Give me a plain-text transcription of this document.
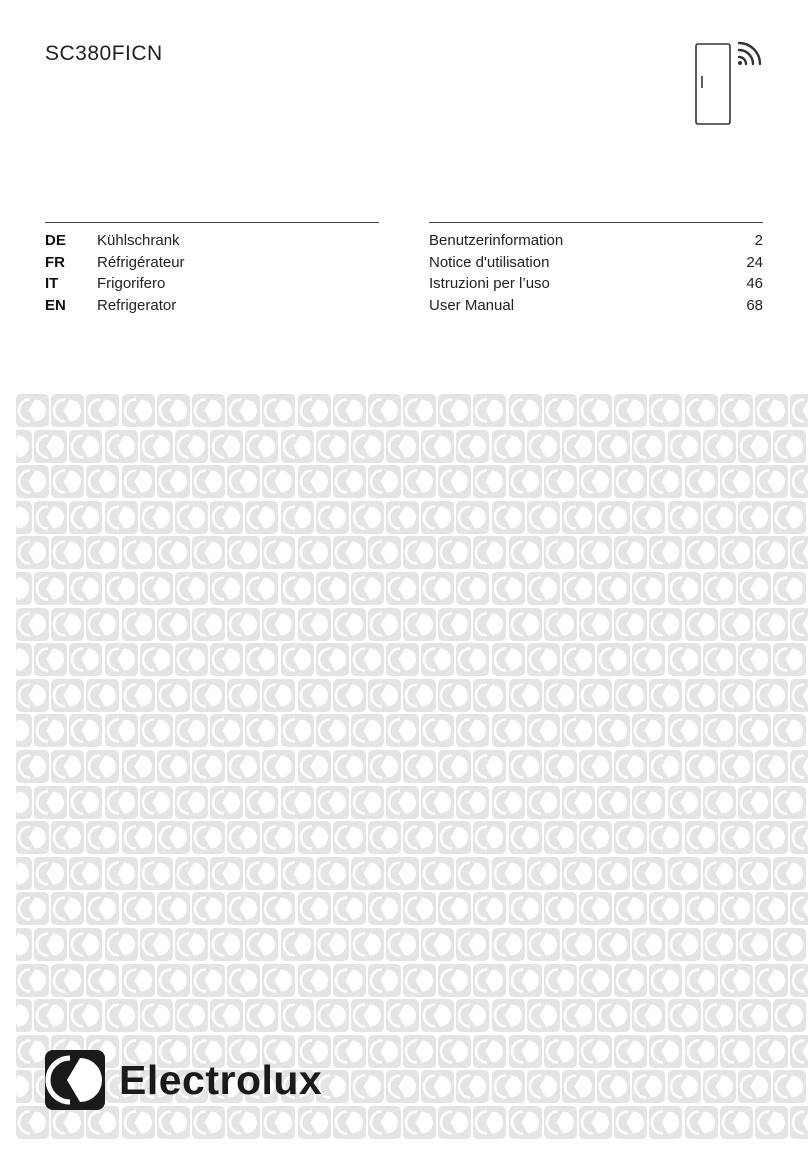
SC380FICN
DE	Kühlschrank
FR	Réfrigérateur
IT	Frigorifero
EN	Refrigerator
Benutzerinformation	2
Notice d'utilisation	24
Istruzioni per l’uso	46
User Manual	68
Electrolux
